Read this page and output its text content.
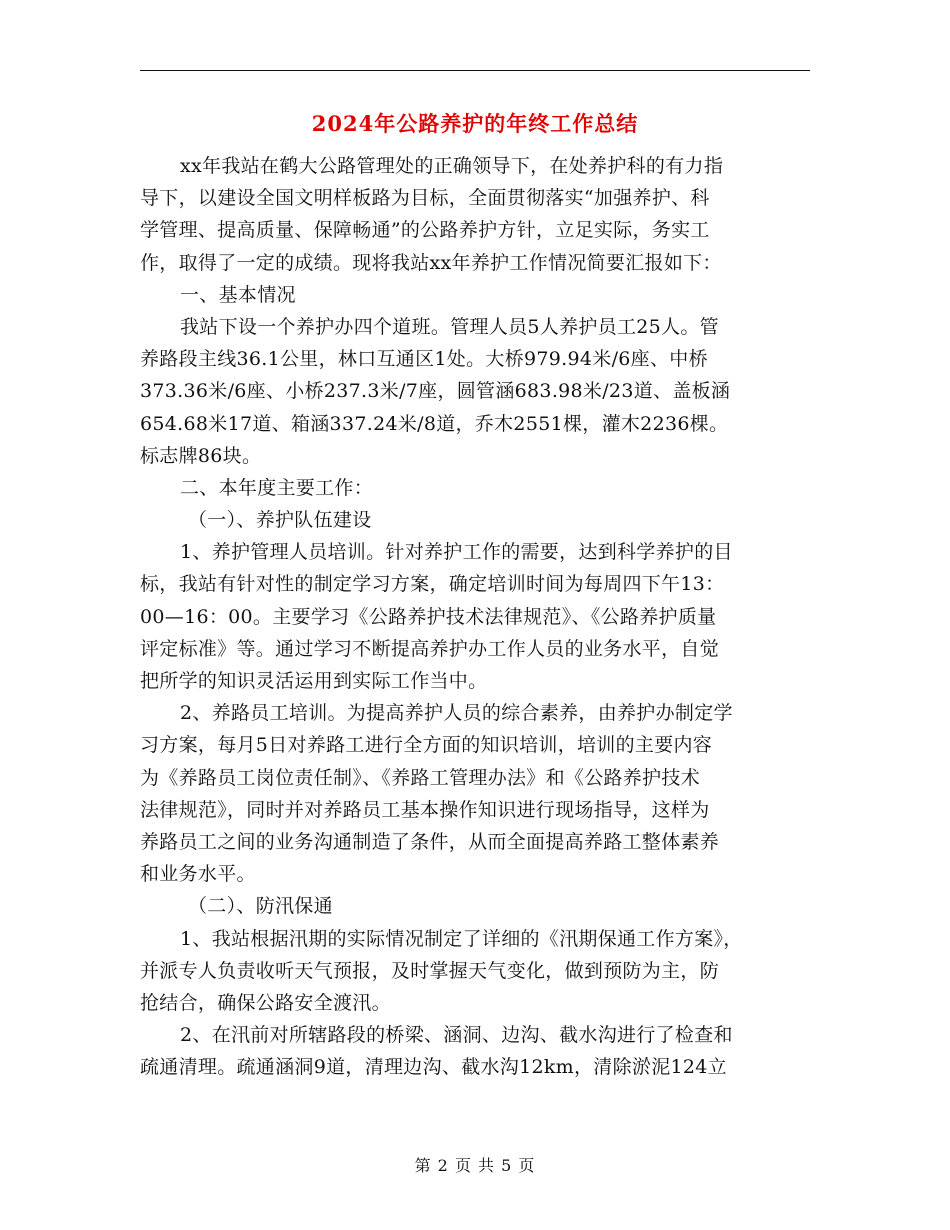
2024年公路养护的年终工作总结
xx年我站在鹤大公路管理处的正确领导下，在处养护科的有力指
导下，以建设全国文明样板路为目标，全面贯彻落实“加强养护、科
学管理、提高质量、保障畅通”的公路养护方针，立足实际，务实工
作，取得了一定的成绩。现将我站xx年养护工作情况简要汇报如下：
一、基本情况
我站下设一个养护办四个道班。管理人员5人养护员工25人。管
养路段主线36.1公里，林口互通区1处。大桥979.94米/6座、中桥
373.36米/6座、小桥237.3米/7座，圆管涵683.98米/23道、盖板涵
654.68米17道、箱涵337.24米/8道，乔木2551棵，灌木2236棵。
标志牌86块。
二、本年度主要工作：
（一）、养护队伍建设
1、养护管理人员培训。针对养护工作的需要，达到科学养护的目
标，我站有针对性的制定学习方案，确定培训时间为每周四下午13：
00—16：00。主要学习《公路养护技术法律规范》、《公路养护质量
评定标准》等。通过学习不断提高养护办工作人员的业务水平，自觉
把所学的知识灵活运用到实际工作当中。
2、养路员工培训。为提高养护人员的综合素养，由养护办制定学
习方案，每月5日对养路工进行全方面的知识培训，培训的主要内容
为《养路员工岗位责任制》、《养路工管理办法》和《公路养护技术
法律规范》，同时并对养路员工基本操作知识进行现场指导，这样为
养路员工之间的业务沟通制造了条件，从而全面提高养路工整体素养
和业务水平。
（二）、防汛保通
1、我站根据汛期的实际情况制定了详细的《汛期保通工作方案》，
并派专人负责收听天气预报，及时掌握天气变化，做到预防为主，防
抢结合，确保公路安全渡汛。
2、在汛前对所辖路段的桥梁、涵洞、边沟、截水沟进行了检查和
疏通清理。疏通涵洞9道，清理边沟、截水沟12km，清除淤泥124立
第 2 页 共 5 页
